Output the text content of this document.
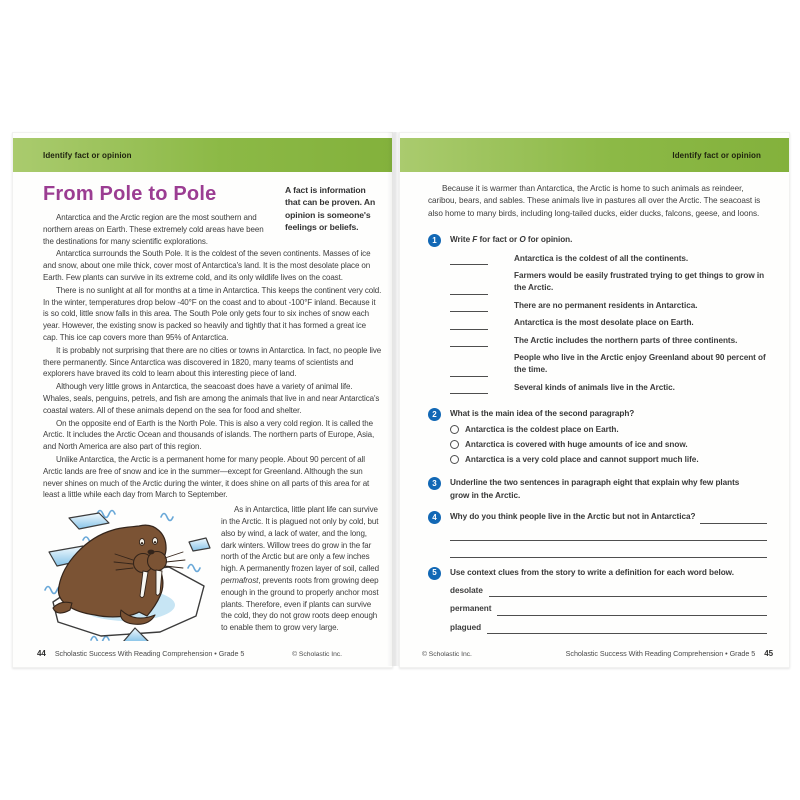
Identify fact or opinion
A fact is information that can be proven. An opinion is someone's feelings or beliefs.
From Pole to Pole

Antarctica and the Arctic region are the most southern and northern areas on Earth. These extremely cold areas have been the destinations for many scientific explorations.

Antarctica surrounds the South Pole. It is the coldest of the seven continents. Masses of ice and snow, about one mile thick, cover most of Antarctica's land. It is the most desolate place on Earth. Few plants can survive in its extreme cold, and its only wildlife lives on the coast.

There is no sunlight at all for months at a time in Antarctica. This keeps the continent very cold. In the winter, temperatures drop below -40°F on the coast and to about -100°F inland. Because it is so cold, little snow falls in this area. The South Pole only gets four to six inches of snow each year. However, the existing snow is packed so heavily and tightly that it has formed a great ice cap. This ice cap covers more than 95% of Antarctica.

It is probably not surprising that there are no cities or towns in Antarctica. In fact, no people live there permanently. Since Antarctica was discovered in 1820, many teams of scientists and explorers have braved its cold to learn about this interesting piece of land.

Although very little grows in Antarctica, the seacoast does have a variety of animal life. Whales, seals, penguins, petrels, and fish are among the animals that live in and near Antarctica's coastal waters. All of these animals depend on the sea for food and shelter.

On the opposite end of Earth is the North Pole. This is also a very cold region. It is called the Arctic. It includes the Arctic Ocean and thousands of islands. The northern parts of Europe, Asia, and North America are also part of this region.

Unlike Antarctica, the Arctic is a permanent home for many people. About 90 percent of all Arctic lands are free of snow and ice in the summer—except for Greenland. Although the sun never shines on much of the Arctic during the winter, it does shine on all parts of this area for at least a little while each day from March to September.

As in Antarctica, little plant life can survive in the Arctic. It is plagued not only by cold, but also by wind, a lack of water, and the long, dark winters. Willow trees do grow in the far north of the Arctic but are only a few inches high. A permanently frozen layer of soil, called permafrost, prevents roots from growing deep enough in the ground to properly anchor most plants. Therefore, even if plants can survive the cold, they do not grow roots deep enough to enable them to grow very large.
44 Scholastic Success With Reading Comprehension • Grade 5	© Scholastic Inc.
Identify fact or opinion

Because it is warmer than Antarctica, the Arctic is home to such animals as reindeer, caribou, bears, and sables. These animals live in pastures all over the Arctic. The seacoast is also home to many birds, including long-tailed ducks, eider ducks, falcons, geese, and loons.

1	Write F for fact or O for opinion.
Antarctica is the coldest of all the continents.
Farmers would be easily frustrated trying to get things to grow in the Arctic.
There are no permanent residents in Antarctica.
Antarctica is the most desolate place on Earth.
The Arctic includes the northern parts of three continents.
People who live in the Arctic enjoy Greenland about 90 percent of the time.
Several kinds of animals live in the Arctic.
2	What is the main idea of the second paragraph?
Antarctica is the coldest place on Earth.
Antarctica is covered with huge amounts of ice and snow.
Antarctica is a very cold place and cannot support much life.
3	Underline the two sentences in paragraph eight that explain why few plants grow in the Arctic.
4	Why do you think people live in the Arctic but not in Antarctica?
5	Use context clues from the story to write a definition for each word below.
desolate
permanent
plagued
© Scholastic Inc.	Scholastic Success With Reading Comprehension • Grade 5 45
